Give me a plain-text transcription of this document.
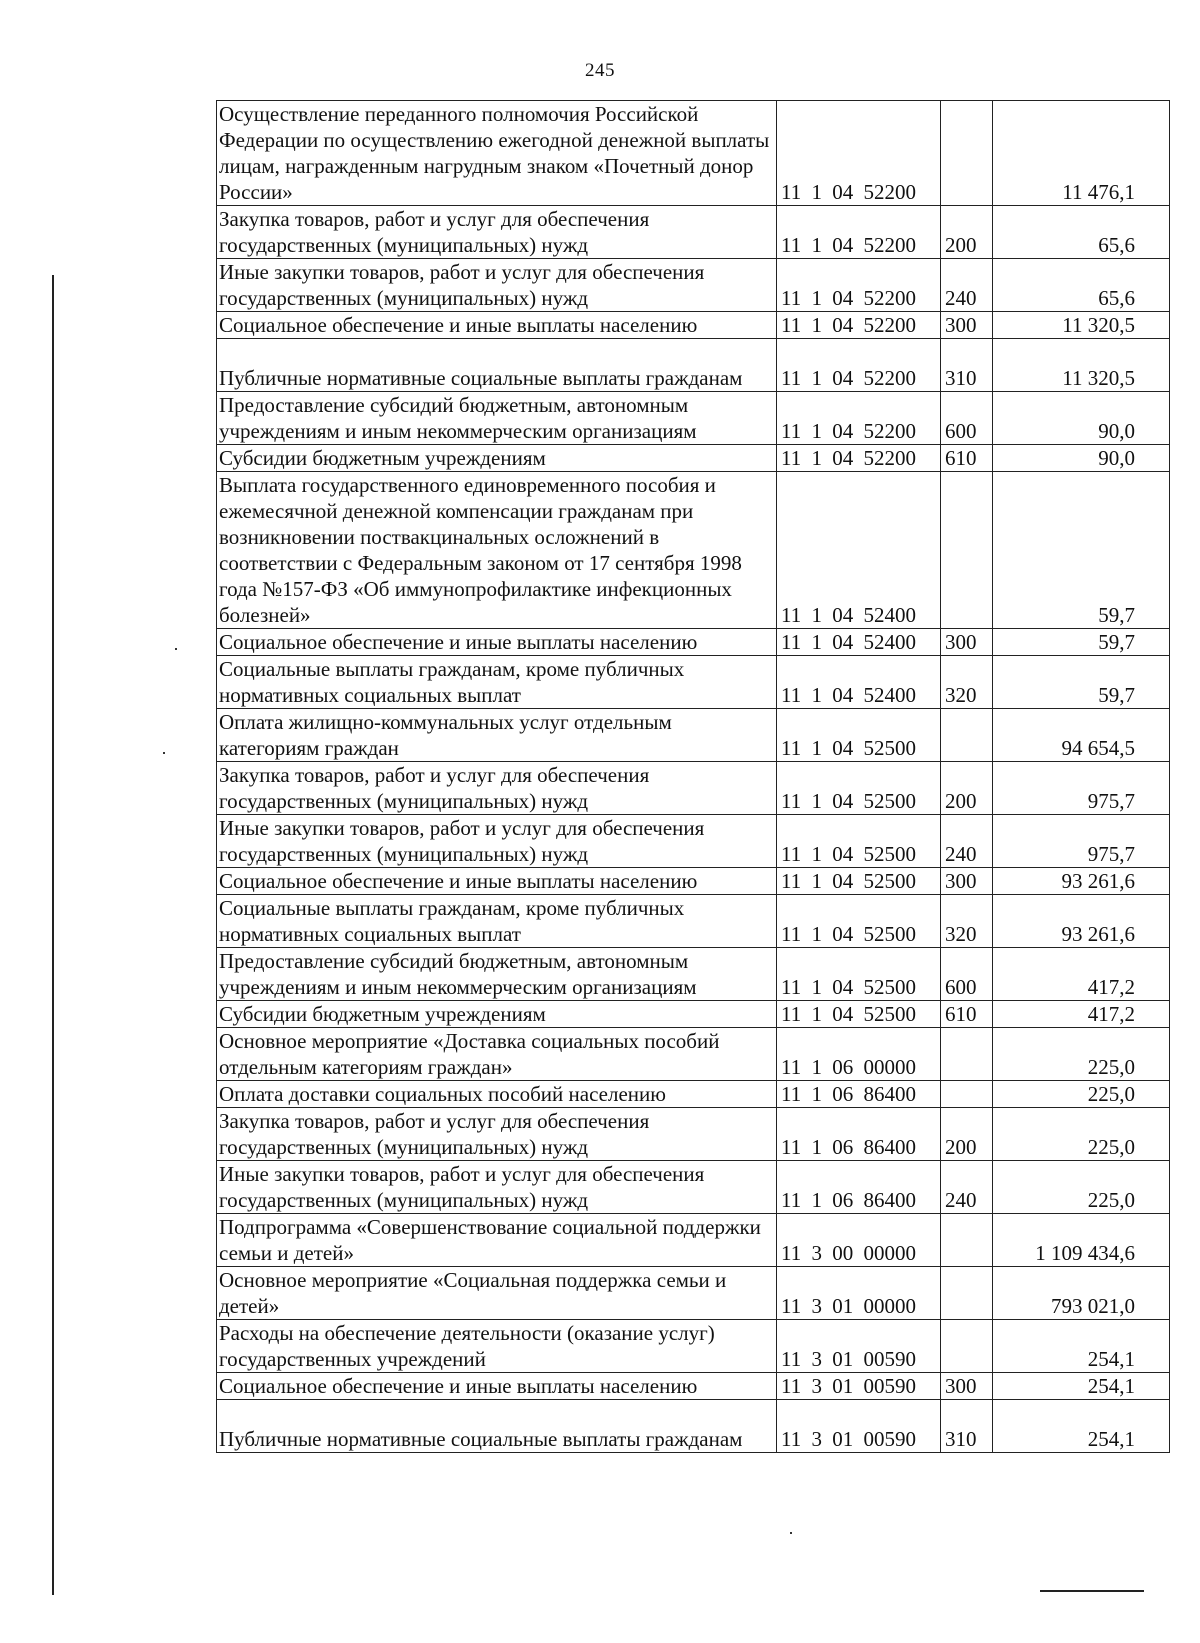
245
Осуществление переданного полномочия Российской Федерации по осуществлению ежегодной денежной выплаты лицам, награжденным нагрудным знаком «Почетный донор России»	11 1 04 52200		11 476,1
Закупка товаров, работ и услуг для обеспечения государственных (муниципальных) нужд	11 1 04 52200	200	65,6
Иные закупки товаров, работ и услуг для обеспечения государственных (муниципальных) нужд	11 1 04 52200	240	65,6
Социальное обеспечение и иные выплаты населению	11 1 04 52200	300	11 320,5
Публичные нормативные социальные выплаты гражданам	11 1 04 52200	310	11 320,5
Предоставление субсидий бюджетным, автономным учреждениям и иным некоммерческим организациям	11 1 04 52200	600	90,0
Субсидии бюджетным учреждениям	11 1 04 52200	610	90,0
Выплата государственного единовременного пособия и ежемесячной денежной компенсации гражданам при возникновении поствакцинальных осложнений в соответствии с Федеральным законом от 17 сентября 1998 года №157-ФЗ «Об иммунопрофилактике инфекционных болезней»	11 1 04 52400		59,7
Социальное обеспечение и иные выплаты населению	11 1 04 52400	300	59,7
Социальные выплаты гражданам, кроме публичных нормативных социальных выплат	11 1 04 52400	320	59,7
Оплата жилищно-коммунальных услуг отдельным категориям граждан	11 1 04 52500		94 654,5
Закупка товаров, работ и услуг для обеспечения государственных (муниципальных) нужд	11 1 04 52500	200	975,7
Иные закупки товаров, работ и услуг для обеспечения государственных (муниципальных) нужд	11 1 04 52500	240	975,7
Социальное обеспечение и иные выплаты населению	11 1 04 52500	300	93 261,6
Социальные выплаты гражданам, кроме публичных нормативных социальных выплат	11 1 04 52500	320	93 261,6
Предоставление субсидий бюджетным, автономным учреждениям и иным некоммерческим организациям	11 1 04 52500	600	417,2
Субсидии бюджетным учреждениям	11 1 04 52500	610	417,2
Основное мероприятие «Доставка социальных пособий отдельным категориям граждан»	11 1 06 00000		225,0
Оплата доставки социальных пособий населению	11 1 06 86400		225,0
Закупка товаров, работ и услуг для обеспечения государственных (муниципальных) нужд	11 1 06 86400	200	225,0
Иные закупки товаров, работ и услуг для обеспечения государственных (муниципальных) нужд	11 1 06 86400	240	225,0
Подпрограмма «Совершенствование социальной поддержки семьи и детей»	11 3 00 00000		1 109 434,6
Основное мероприятие «Социальная поддержка семьи и детей»	11 3 01 00000		793 021,0
Расходы на обеспечение деятельности (оказание услуг) государственных учреждений	11 3 01 00590		254,1
Социальное обеспечение и иные выплаты населению	11 3 01 00590	300	254,1
Публичные нормативные социальные выплаты гражданам	11 3 01 00590	310	254,1
